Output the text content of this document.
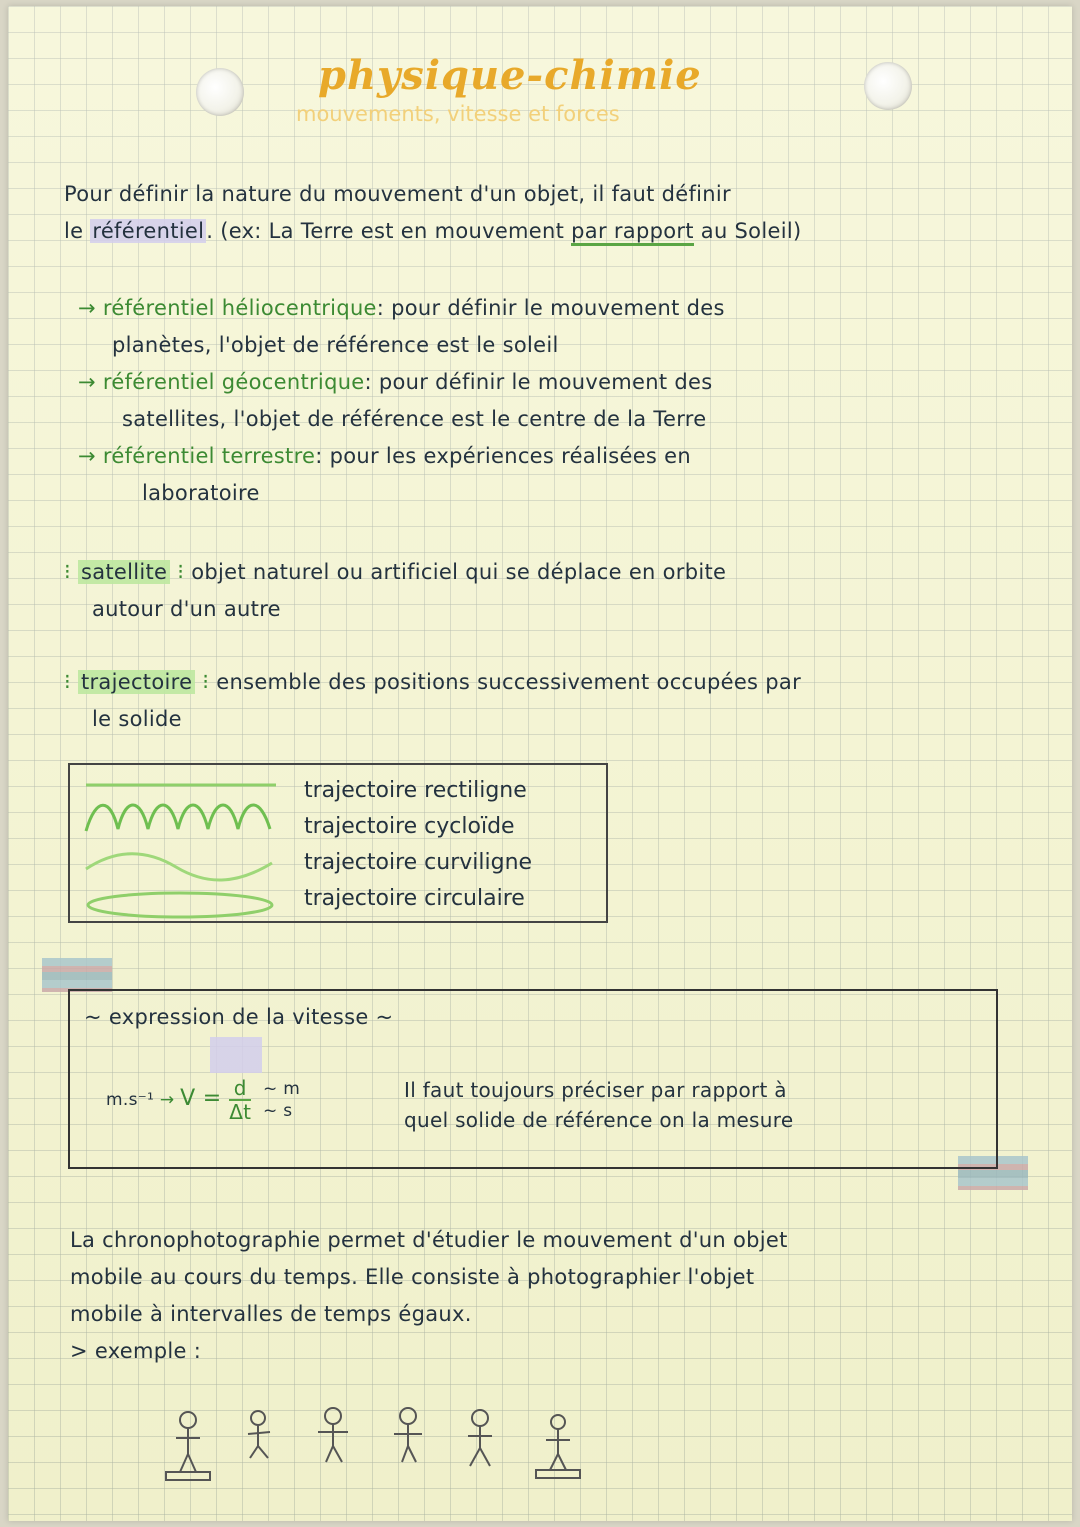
physique-chimie
mouvements, vitesse et forces
Pour définir la nature du mouvement d'un objet, il faut définir
le référentiel. (ex: La Terre est en mouvement par rapport au Soleil)
→ référentiel héliocentrique: pour définir le mouvement des
planètes, l'objet de référence est le soleil
→ référentiel géocentrique: pour définir le mouvement des
satellites, l'objet de référence est le centre de la Terre
→ référentiel terrestre: pour les expériences réalisées en
laboratoire
⁝ satellite ⁝ objet naturel ou artificiel qui se déplace en orbite
autour d'un autre
⁝ trajectoire ⁝ ensemble des positions successivement occupées par
le solide
trajectoire rectiligne
trajectoire cycloïde
trajectoire curviligne
trajectoire circulaire
~ expression de la vitesse ~
$m.s^{-1} \to V = \frac{d}{\Delta t}$
~ m
~ s
Il faut toujours préciser par rapport à
quel solide de référence on la mesure
La chronophotographie permet d'étudier le mouvement d'un objet
mobile au cours du temps. Elle consiste à photographier l'objet
mobile à intervalles de temps égaux.
> exemple :
